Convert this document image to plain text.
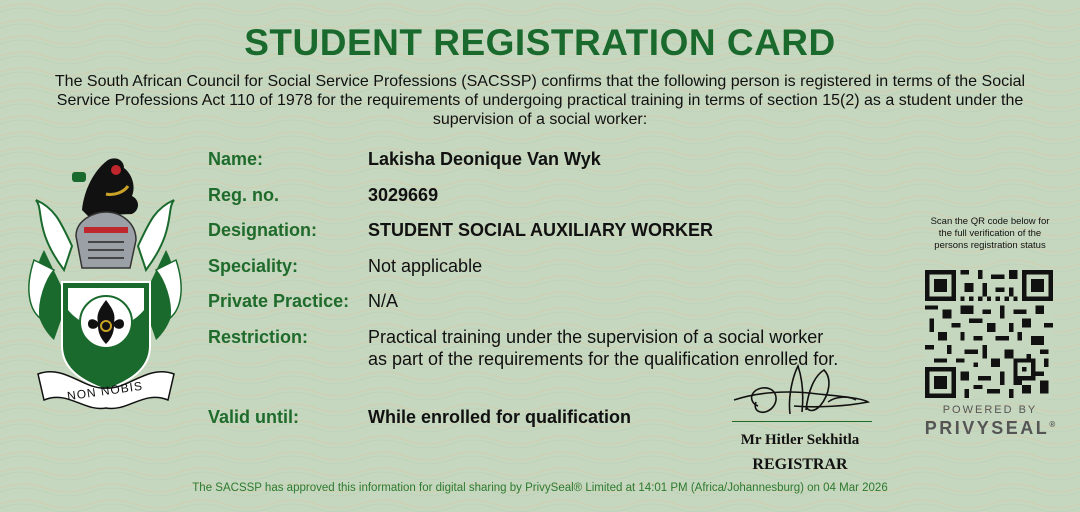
STUDENT REGISTRATION CARD
The South African Council for Social Service Professions (SACSSP) confirms that the following person is registered in terms of the Social
Service Professions Act 110 of 1978 for the requirements of undergoing practical training in terms of section 15(2) as a student under the
supervision of a social worker:
NON NOBIS
Name:	Lakisha Deonique Van Wyk
Reg. no.	3029669
Designation:	STUDENT SOCIAL AUXILIARY WORKER
Speciality:	Not applicable
Private Practice: N/A
Restriction:	Practical training under the supervision of a social worker
as part of the requirements for the qualification enrolled for.
Valid until:	While enrolled for qualification
Mr Hitler Sekhitla
REGISTRAR
Scan the QR code below for
the full verification of the
persons registration status
POWERED BY
PRIVYSEAL®
The SACSSP has approved this information for digital sharing by PrivySeal® Limited at 14:01 PM (Africa/Johannesburg) on 04 Mar 2026
